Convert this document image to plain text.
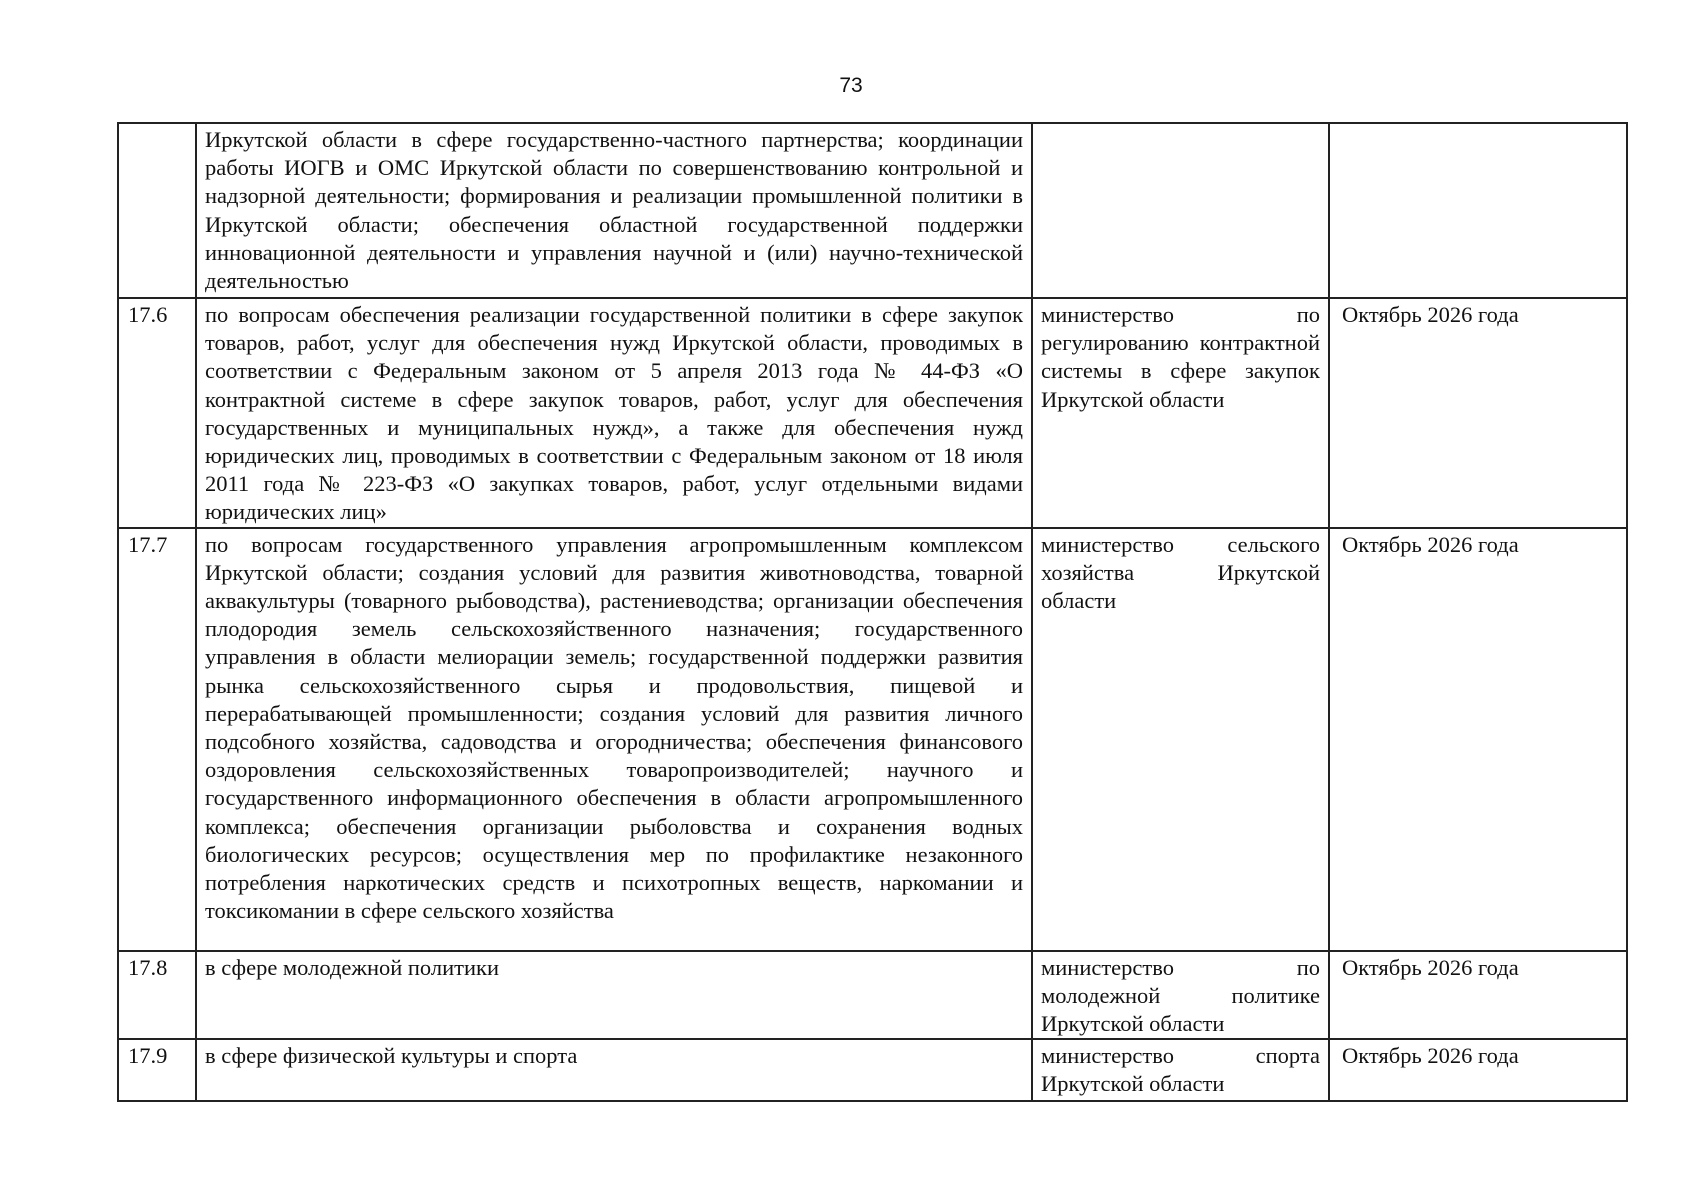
73
	Иркутской области в сфере государственно-частного партнерства; координации работы ИОГВ и ОМС Иркутской области по совершенствованию контрольной и надзорной деятельности; формирования и реализации промышленной политики в Иркутской области; обеспечения областной государственной поддержки инновационной деятельности и управления научной и (или) научно-технической деятельностью		
17.6	по вопросам обеспечения реализации государственной политики в сфере закупок товаров, работ, услуг для обеспечения нужд Иркутской области, проводимых в соответствии с Федеральным законом от 5 апреля 2013 года № 44-ФЗ «О контрактной системе в сфере закупок товаров, работ, услуг для обеспечения государственных и муниципальных нужд», а также для обеспечения нужд юридических лиц, проводимых в соответствии с Федеральным законом от 18 июля 2011 года № 223-ФЗ «О закупках товаров, работ, услуг отдельными видами юридических лиц»	министерство по регулированию контрактной системы в сфере закупок Иркутской области	Октябрь 2026 года
17.7	по вопросам государственного управления агропромышленным комплексом Иркутской области; создания условий для развития животноводства, товарной аквакультуры (товарного рыбоводства), растениеводства; организации обеспечения плодородия земель сельскохозяйственного назначения; государственного управления в области мелиорации земель; государственной поддержки развития рынка сельскохозяйственного сырья и продовольствия, пищевой и перерабатывающей промышленности; создания условий для развития личного подсобного хозяйства, садоводства и огородничества; обеспечения финансового оздоровления сельскохозяйственных товаропроизводителей; научного и государственного информационного обеспечения в области агропромышленного комплекса; обеспечения организации рыболовства и сохранения водных биологических ресурсов; осуществления мер по профилактике незаконного потребления наркотических средств и психотропных веществ, наркомании и токсикомании в сфере сельского хозяйства	министерство сельского хозяйства Иркутской области	Октябрь 2026 года
17.8	в сфере молодежной политики	министерство по молодежной политике Иркутской области	Октябрь 2026 года
17.9	в сфере физической культуры и спорта	министерство спорта Иркутской области	Октябрь 2026 года
